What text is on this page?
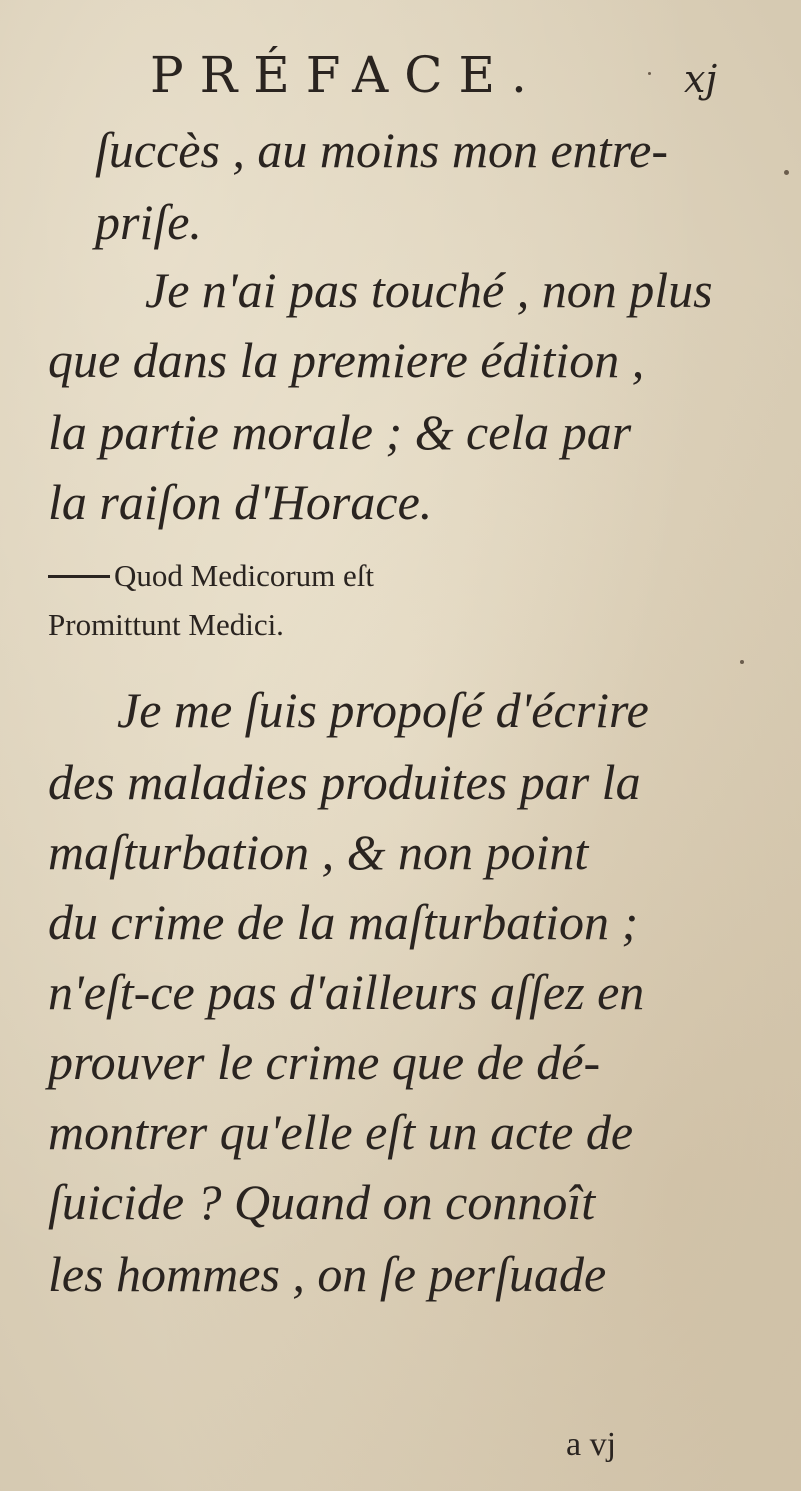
PRÉFACE.	xj
ſuccès , au moins mon entre-
priſe.
Je n'ai pas touché , non plus
que dans la premiere édition ,
la partie morale ; & cela par
la raiſon d'Horace.
Quod Medicorum eſt
Promittunt Medici.
Je me ſuis propoſé d'écrire
des maladies produites par la
maſturbation , & non point
du crime de la maſturbation ;
n'eſt-ce pas d'ailleurs aſſez en
prouver le crime que de dé-
montrer qu'elle eſt un acte de
ſuicide ? Quand on connoît
les hommes , on ſe perſuade
a vj
